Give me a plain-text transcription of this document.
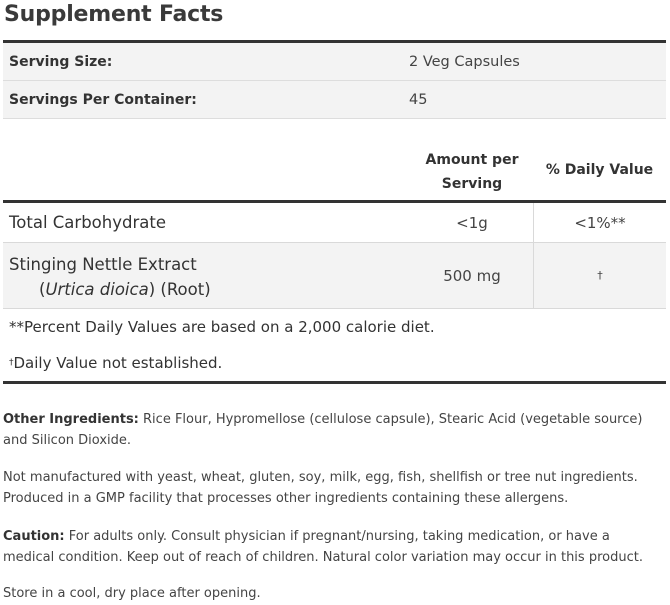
Supplement Facts
Serving Size:	2 Veg Capsules
Servings Per Container:	45
Amount per Serving
% Daily Value
Total Carbohydrate	<1g	<1%**
Stinging Nettle Extract
(Urtica dioica) (Root)
500 mg	†
**Percent Daily Values are based on a 2,000 calorie diet.
†Daily Value not established.
Other Ingredients: Rice Flour, Hypromellose (cellulose capsule), Stearic Acid (vegetable source) and Silicon Dioxide.
Not manufactured with yeast, wheat, gluten, soy, milk, egg, fish, shellfish or tree nut ingredients. Produced in a GMP facility that processes other ingredients containing these allergens.
Caution: For adults only. Consult physician if pregnant/nursing, taking medication, or have a medical condition. Keep out of reach of children. Natural color variation may occur in this product.
Store in a cool, dry place after opening.
